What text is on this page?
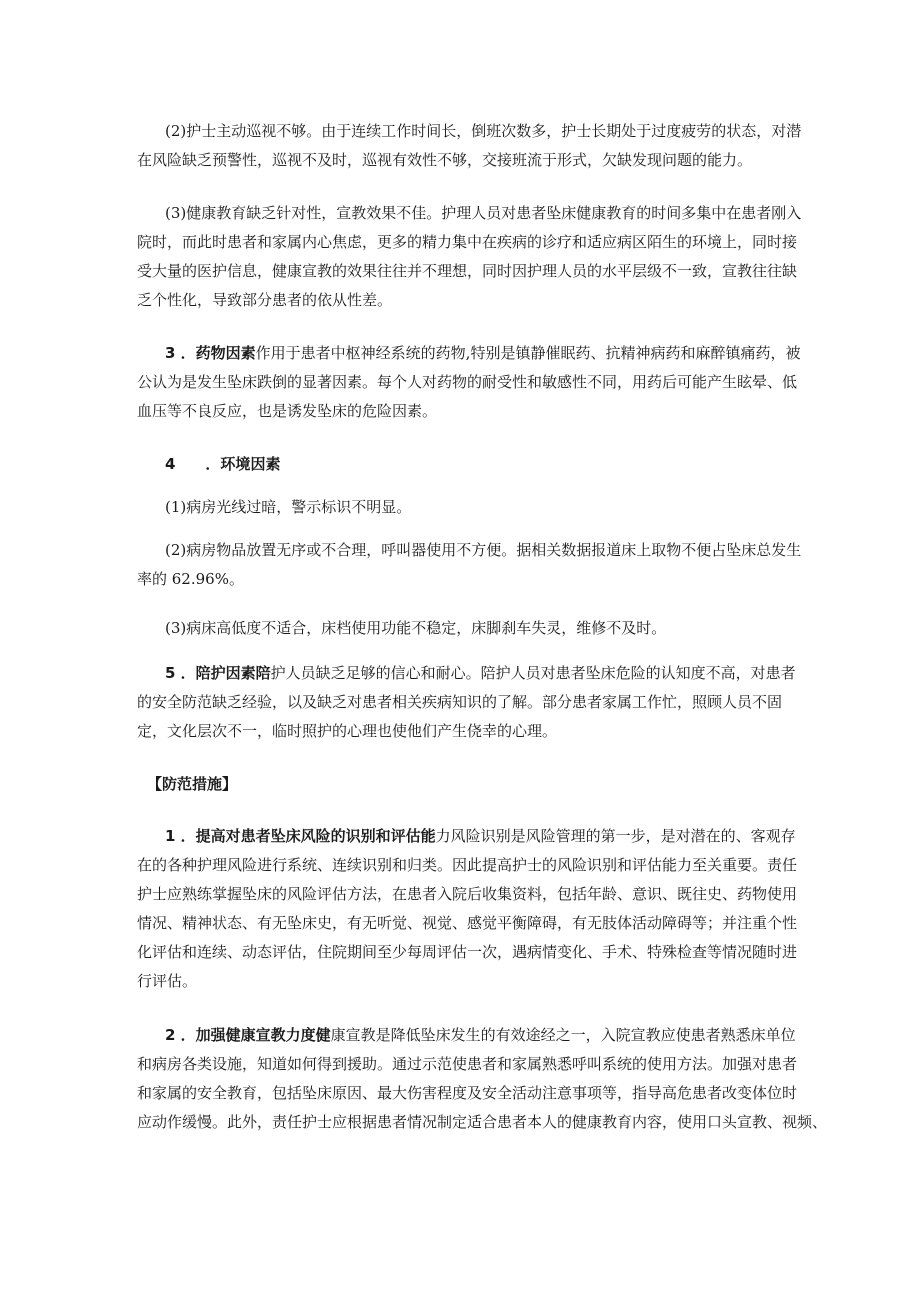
(2)护士主动巡视不够。由于连续工作时间长，倒班次数多，护士长期处于过度疲劳的状态，对潜
在风险缺乏预警性，巡视不及时，巡视有效性不够，交接班流于形式，欠缺发现问题的能力。
(3)健康教育缺乏针对性，宣教效果不佳。护理人员对患者坠床健康教育的时间多集中在患者刚入
院时，而此时患者和家属内心焦虑，更多的精力集中在疾病的诊疗和适应病区陌生的环境上，同时接
受大量的医护信息，健康宣教的效果往往并不理想，同时因护理人员的水平层级不一致，宣教往往缺
乏个性化，导致部分患者的依从性差。
3 ．药物因素作用于患者中枢神经系统的药物,特别是镇静催眠药、抗精神病药和麻醉镇痛药，被
公认为是发生坠床跌倒的显著因素。每个人对药物的耐受性和敏感性不同，用药后可能产生眩晕、低
血压等不良反应，也是诱发坠床的危险因素。
4　　．环境因素
(1)病房光线过暗，警示标识不明显。
(2)病房物品放置无序或不合理，呼叫器使用不方便。据相关数据报道床上取物不便占坠床总发生
率的 62.96%。
(3)病床高低度不适合，床档使用功能不稳定，床脚刹车失灵，维修不及时。
5 ．陪护因素陪护人员缺乏足够的信心和耐心。陪护人员对患者坠床危险的认知度不高，对患者
的安全防范缺乏经验，以及缺乏对患者相关疾病知识的了解。部分患者家属工作忙，照顾人员不固
定，文化层次不一，临时照护的心理也使他们产生侥幸的心理。
【防范措施】
1 ．提高对患者坠床风险的识别和评估能力风险识别是风险管理的第一步，是对潜在的、客观存
在的各种护理风险进行系统、连续识别和归类。因此提高护士的风险识别和评估能力至关重要。责任
护士应熟练掌握坠床的风险评估方法，在患者入院后收集资料，包括年龄、意识、既往史、药物使用
情况、精神状态、有无坠床史，有无听觉、视觉、感觉平衡障碍，有无肢体活动障碍等；并注重个性
化评估和连续、动态评估，住院期间至少每周评估一次，遇病情变化、手术、特殊检查等情况随时进
行评估。
2 ．加强健康宣教力度健康宣教是降低坠床发生的有效途经之一，入院宣教应使患者熟悉床单位
和病房各类设施，知道如何得到援助。通过示范使患者和家属熟悉呼叫系统的使用方法。加强对患者
和家属的安全教育，包括坠床原因、最大伤害程度及安全活动注意事项等，指导高危患者改变体位时
应动作缓慢。此外，责任护士应根据患者情况制定适合患者本人的健康教育内容，使用口头宣教、视频、
